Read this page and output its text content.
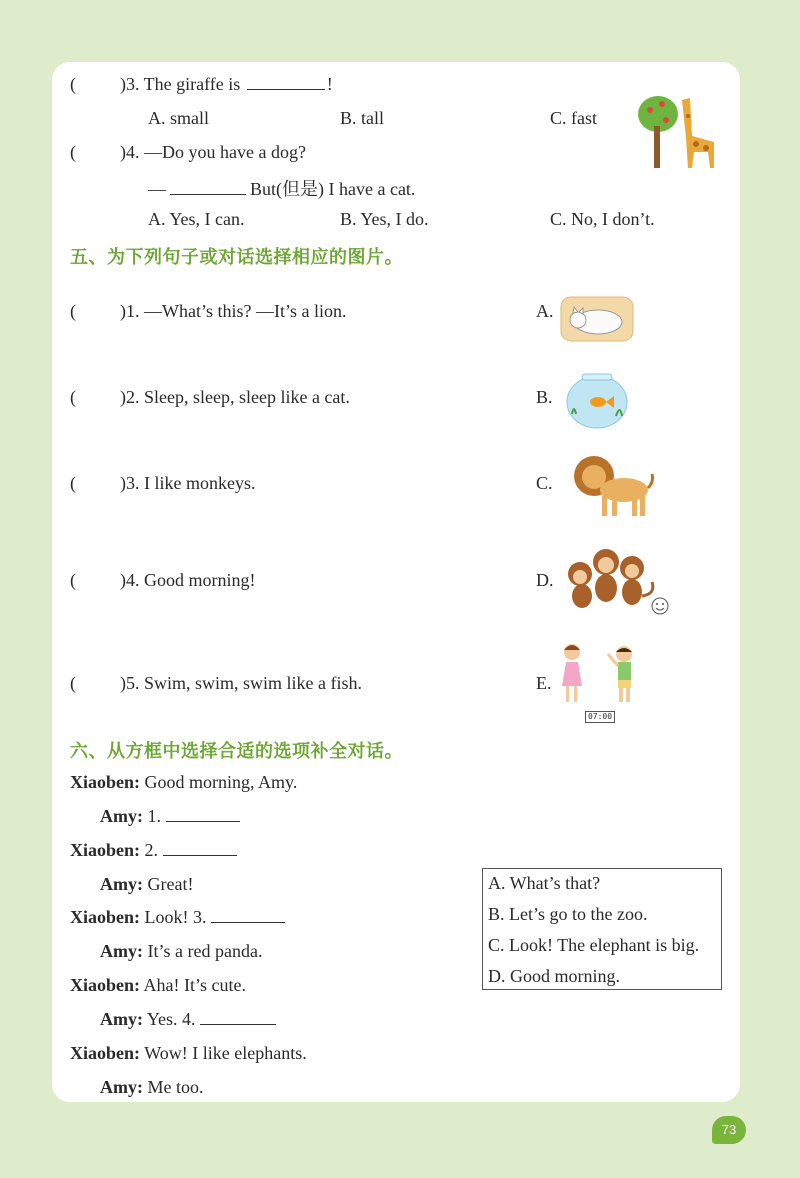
( )3. The giraffe is	!
A. small	B. tall	C. fast
( )4. —Do you have a dog?
—	But(但是) I have a cat.
A. Yes, I can.	B. Yes, I do.	C. No, I don’t.
五、为下列句子或对话选择相应的图片。
( )1. —What’s this? —It’s a lion.
( )2. Sleep, sleep, sleep like a cat.
( )3. I like monkeys.
( )4. Good morning!
( )5. Swim, swim, swim like a fish.
A.
B.
C.
D.
E.
07:00
六、从方框中选择合适的选项补全对话。
Xiaoben: Good morning, Amy.
Amy: 1.
Xiaoben: 2.
Amy: Great!
Xiaoben: Look! 3.
Amy: It’s a red panda.
Xiaoben: Aha! It’s cute.
Amy: Yes. 4.
Xiaoben: Wow! I like elephants.
Amy: Me too.
A. What’s that?
B. Let’s go to the zoo.
C. Look! The elephant is big.
D. Good morning.
73
